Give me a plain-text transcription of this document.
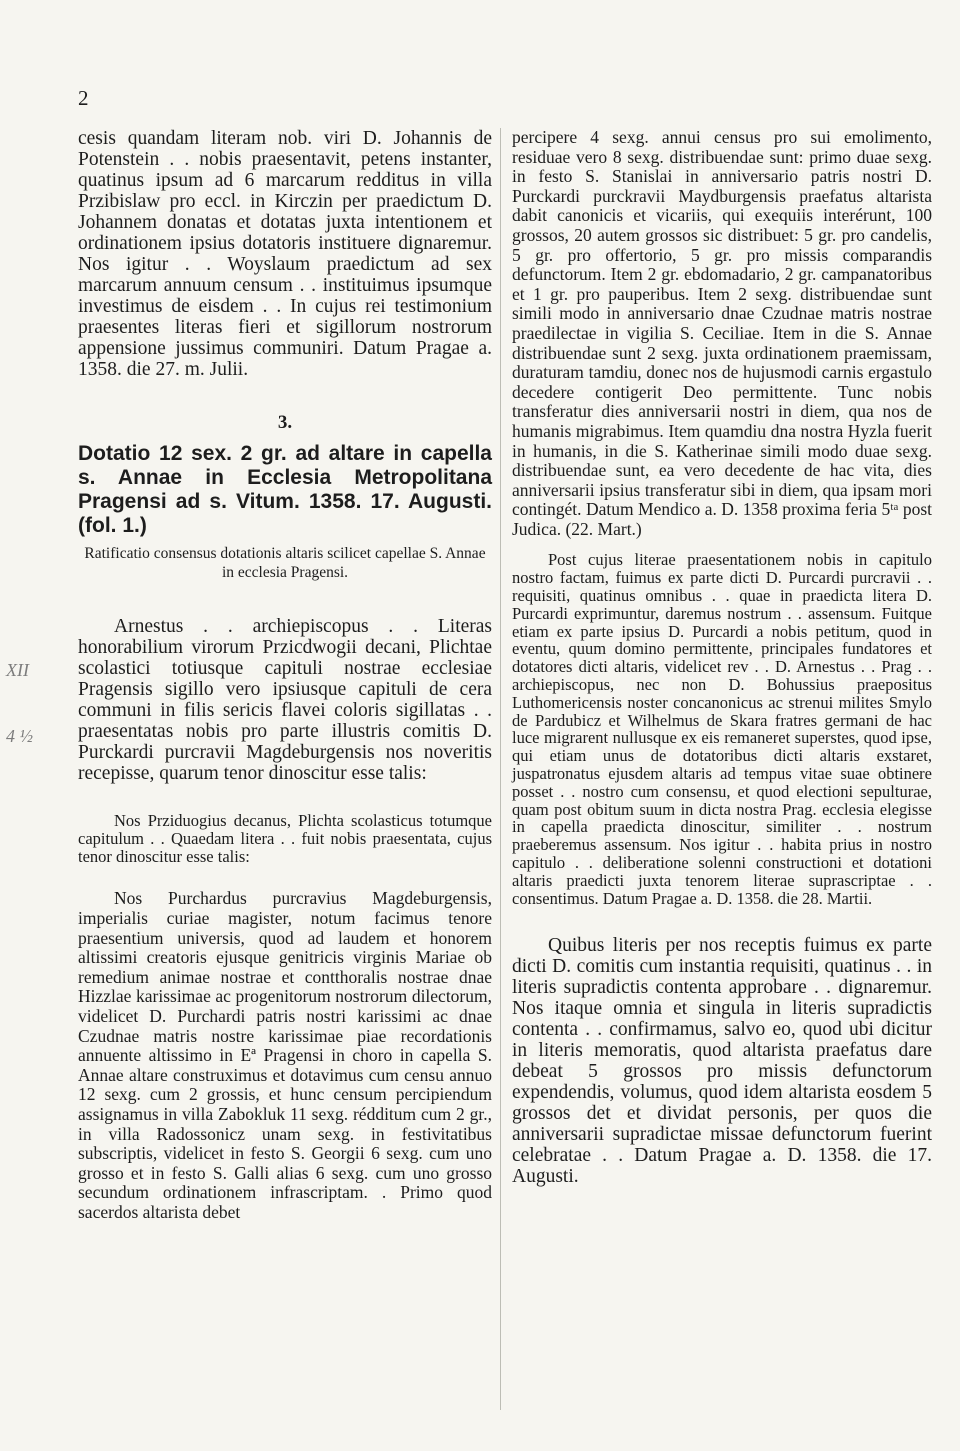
2
XII
4 ½

cesis quandam literam nob. viri D. Johannis de Potenstein . . nobis praesentavit, petens instanter, quatinus ipsum ad 6 marcarum redditus in villa Przibislaw pro eccl. in Kirczin per praedictum D. Johannem donatas et dotatas juxta intentionem et ordinationem ipsius dotatoris instituere dignaremur. Nos igitur . . Woyslaum praedictum ad sex marcarum annuum censum . . instituimus ipsumque investimus de eisdem . . In cujus rei testimonium praesentes literas fieri et sigillorum nostrorum appensione jussimus communiri. Datum Pragae a. 1358. die 27. m. Julii.

3.
Dotatio 12 sex. 2 gr. ad altare in capella s. Annae in Ecclesia Metropolitana Pragensi ad s. Vitum. 1358. 17. Augusti. (fol. 1.)
Ratificatio consensus dotationis altaris scilicet capellae S. Annae in ecclesia Pragensi.

Arnestus . . archiepiscopus . . Literas honorabilium virorum Przicdwogii decani, Plichtae scolastici totiusque capituli nostrae ecclesiae Pragensis sigillo vero ipsiusque capituli de cera communi in filis sericis flavei coloris sigillatas . . praesentatas nobis pro parte illustris comitis D. Purckardi purcravii Magdeburgensis nos noveritis recepisse, quarum tenor dinoscitur esse talis:

Nos Prziduogius decanus, Plichta scolasticus totumque capitulum . . Quaedam litera . . fuit nobis praesentata, cujus tenor dinoscitur esse talis:

Nos Purchardus purcravius Magdeburgensis, imperialis curiae magister, notum facimus tenore praesentium universis, quod ad laudem et honorem altissimi creatoris ejusque genitricis virginis Mariae ob remedium animae nostrae et contthoralis nostrae dnae Hizzlae karissimae ac progenitorum nostrorum dilectorum, videlicet D. Purchardi patris nostri karissimi ac dnae Czudnae matris nostre karissimae piae recordationis annuente altissimo in Eª Pragensi in choro in capella S. Annae altare construximus et dotavimus cum censu annuo 12 sexg. cum 2 grossis, et hunc censum percipiendum assignamus in villa Zabokluk 11 sexg. rédditum cum 2 gr., in villa Radossonicz unam sexg. in festivitatibus subscriptis, videlicet in festo S. Georgii 6 sexg. cum uno grosso et in festo S. Galli alias 6 sexg. cum uno grosso secundum ordinationem infrascriptam. . Primo quod sacerdos altarista debet

percipere 4 sexg. annui census pro sui emolimento, residuae vero 8 sexg. distribuendae sunt: primo duae sexg. in festo S. Stanislai in anniversario patris nostri D. Purckardi purckravii Maydburgensis praefatus altarista dabit canonicis et vicariis, qui exequiis interérunt, 100 grossos, 20 autem grossos sic distribuet: 5 gr. pro candelis, 5 gr. pro offertorio, 5 gr. pro missis comparandis defunctorum. Item 2 gr. ebdomadario, 2 gr. campanatoribus et 1 gr. pro pauperibus. Item 2 sexg. distribuendae sunt simili modo in anniversario dnae Czudnae matris nostrae praedilectae in vigilia S. Ceciliae. Item in die S. Annae distribuendae sunt 2 sexg. juxta ordinationem praemissam, duraturam tamdiu, donec nos de hujusmodi carnis ergastulo decedere contigerit Deo permittente. Tunc nobis transferatur dies anniversarii nostri in diem, qua nos de humanis migrabimus. Item quamdiu dna nostra Hyzla fuerit in humanis, in die S. Katherinae simili modo duae sexg. distribuendae sunt, ea vero decedente de hac vita, dies anniversarii ipsius transferatur sibi in diem, qua ipsam mori contingét. Datum Mendico a. D. 1358 proxima feria 5ᵗᵃ post Judica. (22. Mart.)

Post cujus literae praesentationem nobis in capitulo nostro factam, fuimus ex parte dicti D. Purcardi purcravii . . requisiti, quatinus omnibus . . quae in praedicta litera D. Purcardi exprimuntur, daremus nostrum . . assensum. Fuitque etiam ex parte ipsius D. Purcardi a nobis petitum, quod in eventu, quum domino permittente, principales fundatores et dotatores dicti altaris, videlicet rev . . D. Arnestus . . Prag . . archiepiscopus, nec non D. Bohussius praepositus Luthomericensis noster concanonicus ac strenui milites Smylo de Pardubicz et Wilhelmus de Skara fratres germani de hac luce migrarent nullusque ex eis remaneret superstes, quod ipse, qui etiam unus de dotatoribus dicti altaris exstaret, juspatronatus ejusdem altaris ad tempus vitae suae obtinere posset . . nostro cum consensu, et quod electioni sepulturae, quam post obitum suum in dicta nostra Prag. ecclesia elegisse in capella praedicta dinoscitur, similiter . . nostrum praeberemus assensum. Nos igitur . . habita prius in nostro capitulo . . deliberatione solenni constructioni et dotationi altaris praedicti juxta tenorem literae suprascriptae . . consentimus. Datum Pragae a. D. 1358. die 28. Martii.

Quibus literis per nos receptis fuimus ex parte dicti D. comitis cum instantia requisiti, quatinus . . in literis supradictis contenta approbare . . dignaremur. Nos itaque omnia et singula in literis supradictis contenta . . confirmamus, salvo eo, quod ubi dicitur in literis memoratis, quod altarista praefatus dare debeat 5 grossos pro missis defunctorum expendendis, volumus, quod idem altarista eosdem 5 grossos det et dividat personis, per quos die anniversarii supradictae missae defunctorum fuerint celebratae . . Datum Pragae a. D. 1358. die 17. Augusti.
